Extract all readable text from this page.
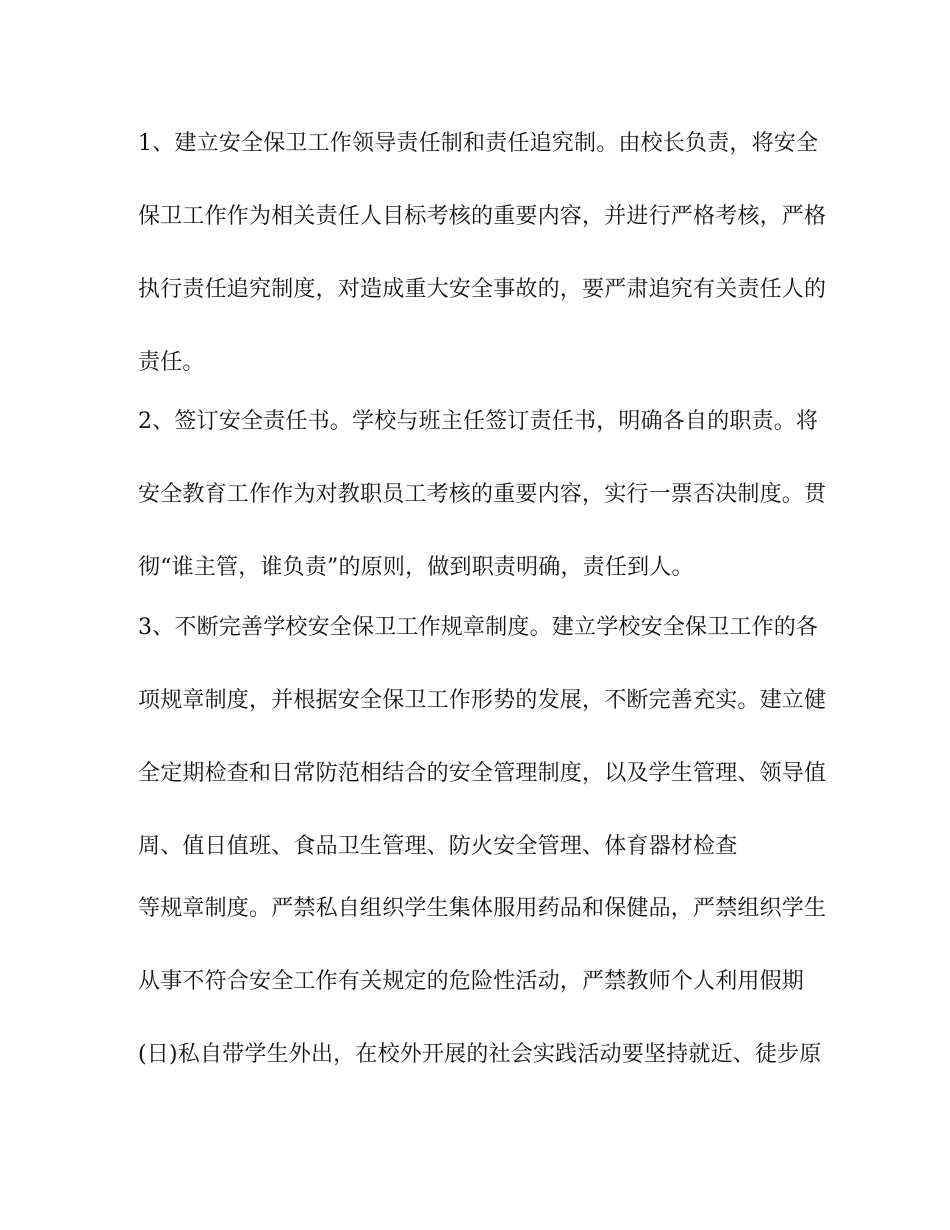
1、建立安全保卫工作领导责任制和责任追究制。由校长负责，将安全
保卫工作作为相关责任人目标考核的重要内容，并进行严格考核，严格
执行责任追究制度，对造成重大安全事故的，要严肃追究有关责任人的
责任。
2、签订安全责任书。学校与班主任签订责任书，明确各自的职责。将
安全教育工作作为对教职员工考核的重要内容，实行一票否决制度。贯
彻“谁主管，谁负责”的原则，做到职责明确，责任到人。
3、不断完善学校安全保卫工作规章制度。建立学校安全保卫工作的各
项规章制度，并根据安全保卫工作形势的发展，不断完善充实。建立健
全定期检查和日常防范相结合的安全管理制度，以及学生管理、领导值
周、值日值班、食品卫生管理、防火安全管理、体育器材检查
等规章制度。严禁私自组织学生集体服用药品和保健品，严禁组织学生
从事不符合安全工作有关规定的危险性活动，严禁教师个人利用假期
(日)私自带学生外出，在校外开展的社会实践活动要坚持就近、徒步原
